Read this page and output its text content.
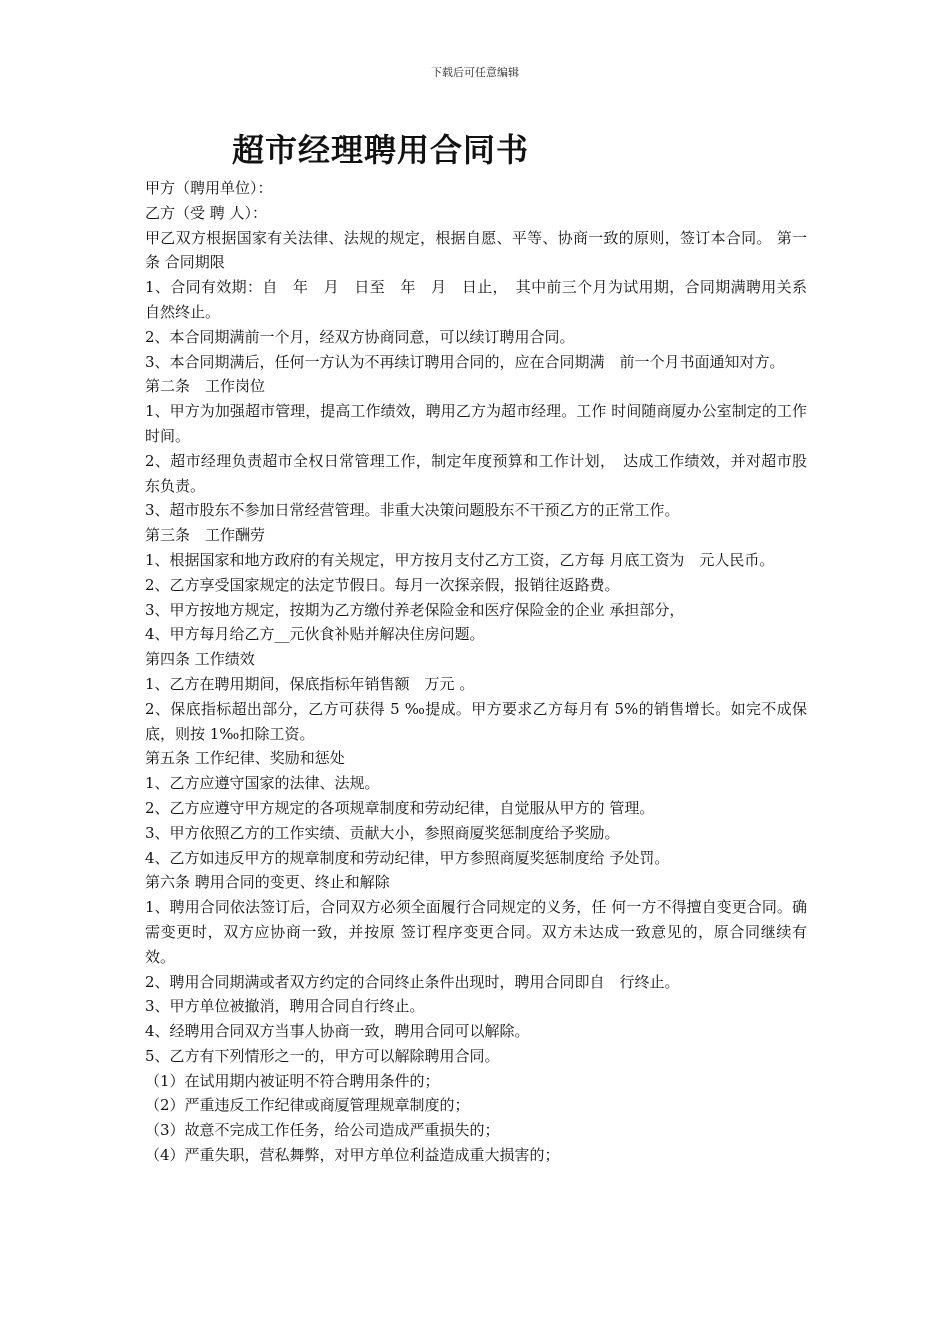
下载后可任意编辑
超市经理聘用合同书

甲方（聘用单位）：

乙方（受 聘 人）：

甲乙双方根据国家有关法律、法规的规定，根据自愿、平等、协商一致的原则，签订本合同。 第一条 合同期限

1、合同有效期：自　年　月　日至　年　月　日止，　其中前三个月为试用期，合同期满聘用关系自然终止。

2、本合同期满前一个月，经双方协商同意，可以续订聘用合同。

3、本合同期满后，任何一方认为不再续订聘用合同的，应在合同期满　前一个月书面通知对方。

第二条　工作岗位

1、甲方为加强超市管理，提高工作绩效，聘用乙方为超市经理。工作 时间随商厦办公室制定的工作时间。

2、超市经理负责超市全权日常管理工作，制定年度预算和工作计划，　达成工作绩效，并对超市股东负责。

3、超市股东不参加日常经营管理。非重大决策问题股东不干预乙方的正常工作。

第三条　工作酬劳

1、根据国家和地方政府的有关规定，甲方按月支付乙方工资，乙方每 月底工资为　元人民币。

2、乙方享受国家规定的法定节假日。每月一次探亲假，报销往返路费。

3、甲方按地方规定，按期为乙方缴付养老保险金和医疗保险金的企业 承担部分，

4、甲方每月给乙方__元伙食补贴并解决住房问题。

第四条 工作绩效

1、乙方在聘用期间，保底指标年销售额　万元 。

2、保底指标超出部分，乙方可获得 5 ‰提成。甲方要求乙方每月有 5%的销售增长。如完不成保底，则按 1‰扣除工资。

第五条 工作纪律、奖励和惩处

1、乙方应遵守国家的法律、法规。

2、乙方应遵守甲方规定的各项规章制度和劳动纪律，自觉服从甲方的 管理。

3、甲方依照乙方的工作实绩、贡献大小，参照商厦奖惩制度给予奖励。

4、乙方如违反甲方的规章制度和劳动纪律，甲方参照商厦奖惩制度给 予处罚。

第六条 聘用合同的变更、终止和解除

1、聘用合同依法签订后，合同双方必须全面履行合同规定的义务，任 何一方不得擅自变更合同。确需变更时，双方应协商一致，并按原 签订程序变更合同。双方未达成一致意见的，原合同继续有效。

2、聘用合同期满或者双方约定的合同终止条件出现时，聘用合同即自　行终止。

3、甲方单位被撤消，聘用合同自行终止。

4、经聘用合同双方当事人协商一致，聘用合同可以解除。

5、乙方有下列情形之一的，甲方可以解除聘用合同。

（1）在试用期内被证明不符合聘用条件的；

（2）严重违反工作纪律或商厦管理规章制度的；

（3）故意不完成工作任务，给公司造成严重损失的；

（4）严重失职，营私舞弊，对甲方单位利益造成重大损害的；
